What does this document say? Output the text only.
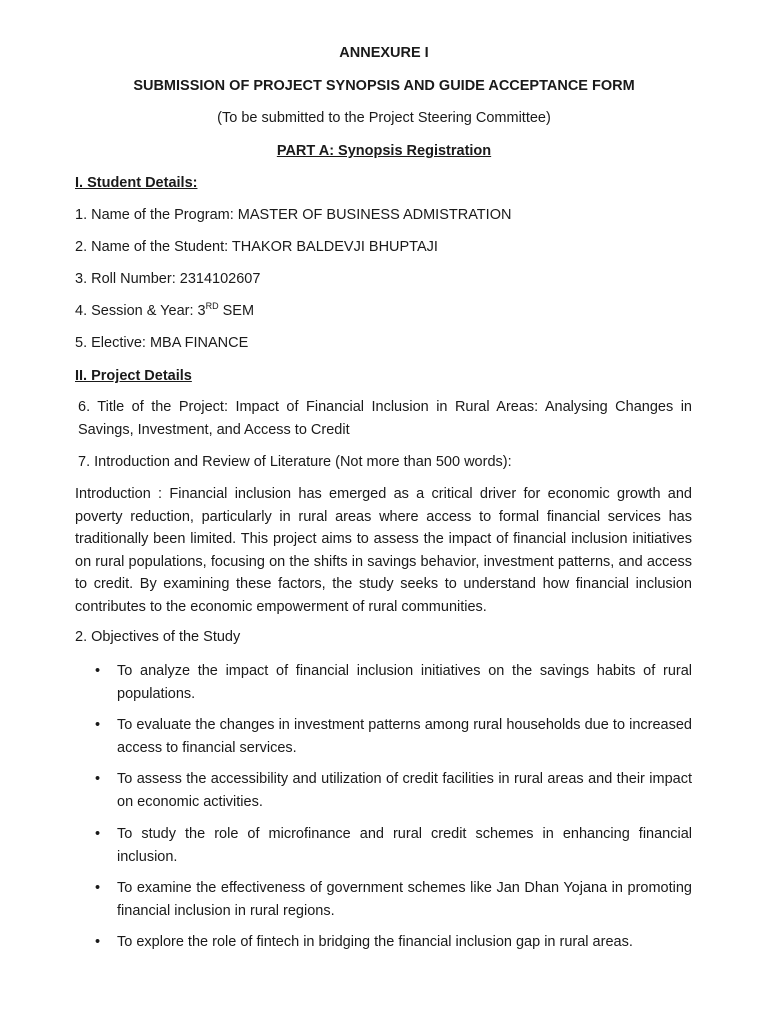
ANNEXURE I
SUBMISSION OF PROJECT SYNOPSIS AND GUIDE ACCEPTANCE FORM
(To be submitted to the Project Steering Committee)
PART A: Synopsis Registration
I. Student Details:
1. Name of the Program: MASTER OF BUSINESS ADMISTRATION
2. Name of the Student: THAKOR BALDEVJI BHUPTAJI
3. Roll Number: 2314102607
4. Session & Year: 3RD SEM
5. Elective: MBA FINANCE
II. Project Details
6. Title of the Project: Impact of Financial Inclusion in Rural Areas: Analysing Changes in Savings, Investment, and Access to Credit
7. Introduction and Review of Literature (Not more than 500 words):
Introduction : Financial inclusion has emerged as a critical driver for economic growth and poverty reduction, particularly in rural areas where access to formal financial services has traditionally been limited. This project aims to assess the impact of financial inclusion initiatives on rural populations, focusing on the shifts in savings behavior, investment patterns, and access to credit. By examining these factors, the study seeks to understand how financial inclusion contributes to the economic empowerment of rural communities.
2. Objectives of the Study
•	To analyze the impact of financial inclusion initiatives on the savings habits of rural populations.
•	To evaluate the changes in investment patterns among rural households due to increased access to financial services.
•	To assess the accessibility and utilization of credit facilities in rural areas and their impact on economic activities.
•	To study the role of microfinance and rural credit schemes in enhancing financial inclusion.
•	To examine the effectiveness of government schemes like Jan Dhan Yojana in promoting financial inclusion in rural regions.
•	To explore the role of fintech in bridging the financial inclusion gap in rural areas.
